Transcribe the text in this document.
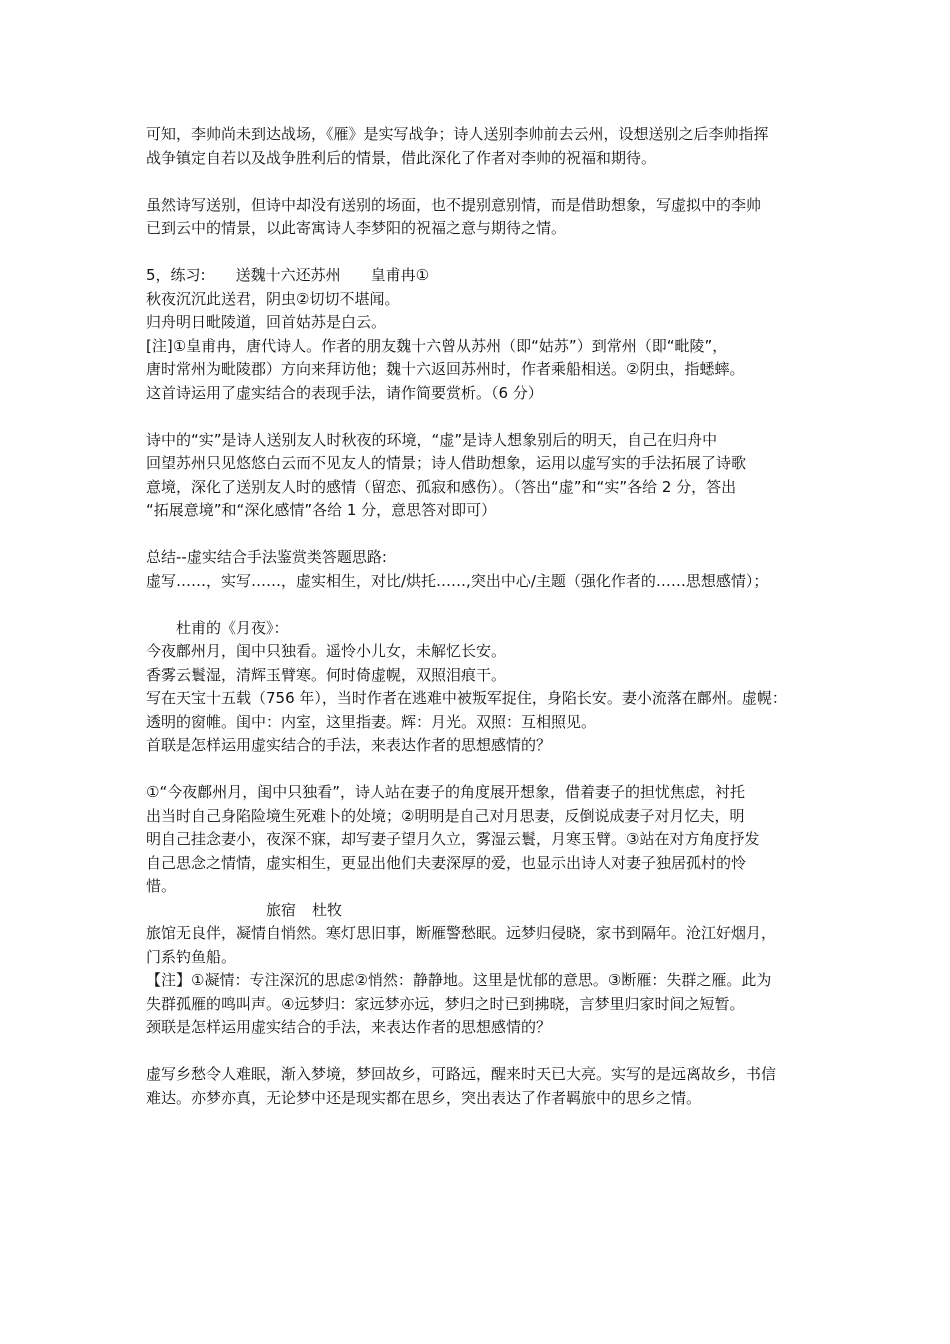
可知，李帅尚未到达战场，《雁》是实写战争；诗人送别李帅前去云州，设想送别之后李帅指挥
战争镇定自若以及战争胜利后的情景，借此深化了作者对李帅的祝福和期待。

虽然诗写送别，但诗中却没有送别的场面，也不提别意别情，而是借助想象，写虚拟中的李帅
已到云中的情景，以此寄寓诗人李梦阳的祝福之意与期待之情。

5，练习: 送魏十六还苏州 皇甫冉①
秋夜沉沉此送君，阴虫②切切不堪闻。
归舟明日毗陵道，回首姑苏是白云。
[注]①皇甫冉，唐代诗人。作者的朋友魏十六曾从苏州（即“姑苏”）到常州（即“毗陵”，
唐时常州为毗陵郡）方向来拜访他；魏十六返回苏州时，作者乘船相送。②阴虫，指蟋蟀。
这首诗运用了虚实结合的表现手法，请作简要赏析。（6 分）

诗中的“实”是诗人送别友人时秋夜的环境，“虚”是诗人想象别后的明天，自己在归舟中
回望苏州只见悠悠白云而不见友人的情景；诗人借助想象，运用以虚写实的手法拓展了诗歌
意境，深化了送别友人时的感情（留恋、孤寂和感伤）。（答出“虚”和“实”各给 2 分，答出
“拓展意境”和“深化感情”各给 1 分，意思答对即可）

总结--虚实结合手法鉴赏类答题思路:
虚写……，实写……，虚实相生，对比/烘托……,突出中心/主题（强化作者的……思想感情）；

杜甫的《月夜》：
今夜鄜州月，闺中只独看。遥怜小儿女，未解忆长安。
香雾云鬟湿，清辉玉臂寒。何时倚虚幌，双照泪痕干。
写在天宝十五载（756 年），当时作者在逃难中被叛军捉住，身陷长安。妻小流落在鄜州。虚幌：
透明的窗帷。闺中：内室，这里指妻。辉：月光。双照：互相照见。
首联是怎样运用虚实结合的手法，来表达作者的思想感情的？

①“今夜鄜州月，闺中只独看”，诗人站在妻子的角度展开想象，借着妻子的担忧焦虑，衬托
出当时自己身陷险境生死难卜的处境；②明明是自己对月思妻，反倒说成妻子对月忆夫，明
明自己挂念妻小，夜深不寐，却写妻子望月久立，雾湿云鬟，月寒玉臂。③站在对方角度抒发
自己思念之情情，虚实相生，更显出他们夫妻深厚的爱，也显示出诗人对妻子独居孤村的怜
惜。

旅宿 杜牧
旅馆无良伴，凝情自悄然。寒灯思旧事，断雁警愁眠。远梦归侵晓，家书到隔年。沧江好烟月，
门系钓鱼船。
【注】①凝情：专注深沉的思虑②悄然：静静地。这里是忧郁的意思。③断雁：失群之雁。此为
失群孤雁的鸣叫声。④远梦归：家远梦亦远，梦归之时已到拂晓，言梦里归家时间之短暂。
颈联是怎样运用虚实结合的手法，来表达作者的思想感情的？

虚写乡愁令人难眠，渐入梦境，梦回故乡，可路远，醒来时天已大亮。实写的是远离故乡，书信
难达。亦梦亦真，无论梦中还是现实都在思乡，突出表达了作者羁旅中的思乡之情。
